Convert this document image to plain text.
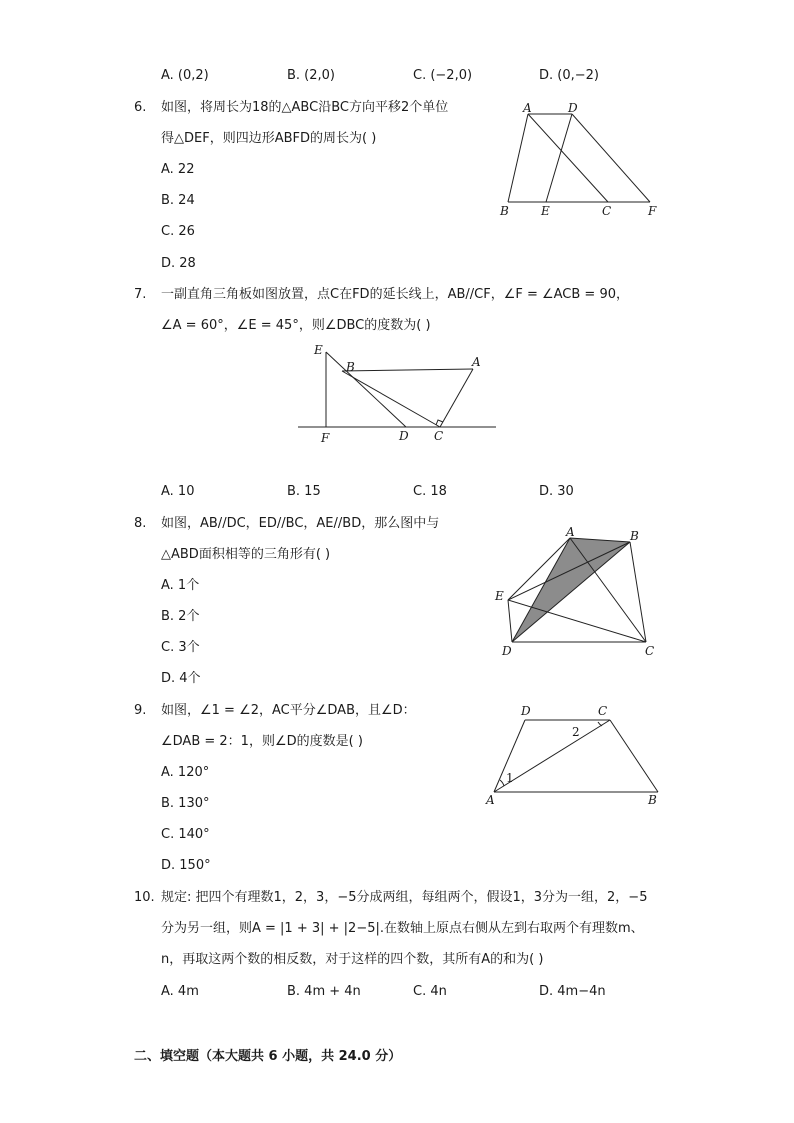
A. (0,2)	B. (2,0)	C. (−2,0)	D. (0,−2)
6. 如图，将周长为18的△ABC沿BC方向平移2个单位
得△DEF，则四边形ABFD的周长为( )
A. 22
B. 24
C. 26
D. 28
A	D
B	E	C	F
7. 一副直角三角板如图放置，点C在FD的延长线上，AB//CF，∠F = ∠ACB = 90，
∠A = 60°，∠E = 45°，则∠DBC的度数为( )
E
B	A
F	D C
A. 10	B. 15	C. 18	D. 30
8. 如图，AB//DC，ED//BC，AE//BD，那么图中与
△ABD面积相等的三角形有( )
A. 1个
B. 2个
C. 3个
D. 4个
A	B
E
D	C
9. 如图，∠1 = ∠2，AC平分∠DAB，且∠D：
∠DAB = 2：1，则∠D的度数是( )
A. 120°
B. 130°
C. 140°
D. 150°
D	C
A	B
1
2
10. 规定: 把四个有理数1，2，3，−5分成两组，每组两个，假设1，3分为一组，2，−5
分为另一组，则A = |1 + 3| + |2−5|.在数轴上原点右侧从左到右取两个有理数m、
n，再取这两个数的相反数，对于这样的四个数，其所有A的和为( )
A. 4m	B. 4m + 4n	C. 4n	D. 4m−4n
二、填空题（本大题共 6 小题，共 24.0 分）
